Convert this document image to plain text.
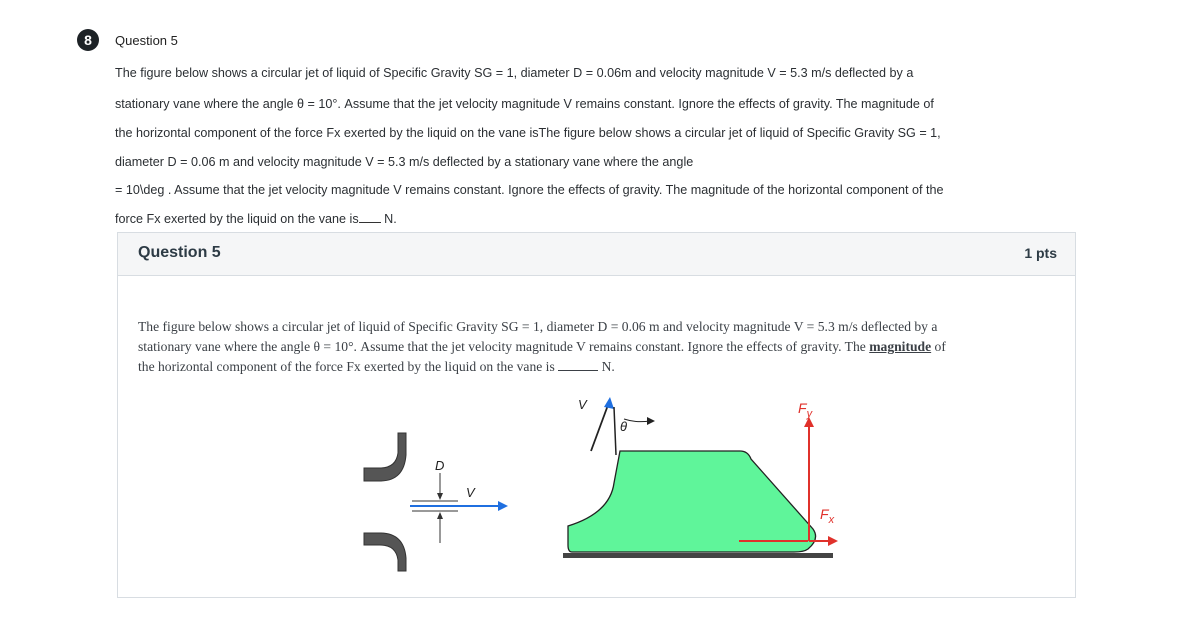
8	Question 5
The figure below shows a circular jet of liquid of Specific Gravity SG = 1, diameter D = 0.06m and velocity magnitude V = 5.3 m/s deflected by a
stationary vane where the angle θ = 10°. Assume that the jet velocity magnitude V remains constant. Ignore the effects of gravity. The magnitude of
the horizontal component of the force Fx exerted by the liquid on the vane isThe figure below shows a circular jet of liquid of Specific Gravity SG = 1,
diameter D = 0.06 m and velocity magnitude V = 5.3 m/s deflected by a stationary vane where the angle
= 10\deg . Assume that the jet velocity magnitude V remains constant. Ignore the effects of gravity. The magnitude of the horizontal component of the
force Fx exerted by the liquid on the vane is N.
Question 5	1 pts
The figure below shows a circular jet of liquid of Specific Gravity SG = 1, diameter D = 0.06 m and velocity magnitude V = 5.3 m/s deflected by a
stationary vane where the angle θ = 10°. Assume that the jet velocity magnitude V remains constant. Ignore the effects of gravity. The magnitude of
the horizontal component of the force Fx exerted by the liquid on the vane is	N.
D
V
V
θ
$F_y$
$F_x$
